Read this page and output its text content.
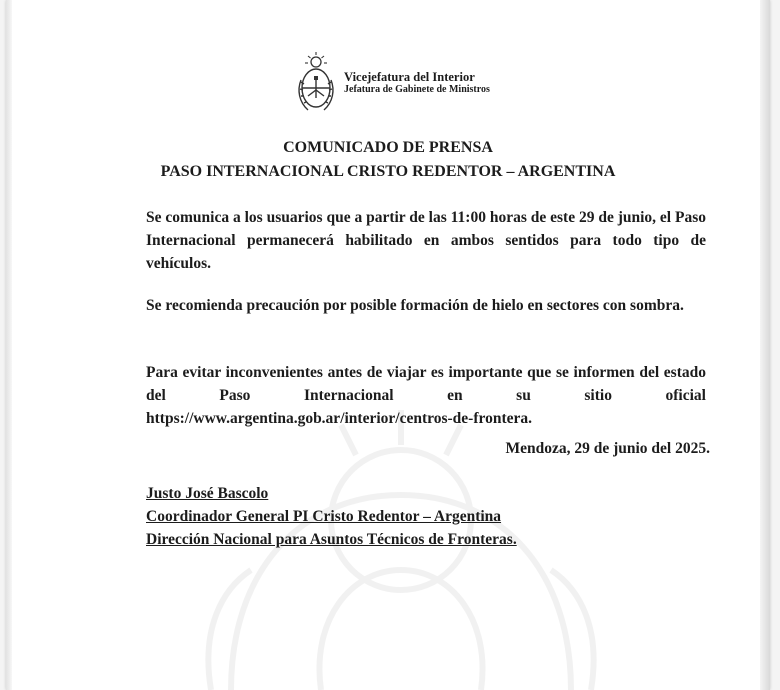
Vicejefatura del Interior
Jefatura de Gabinete de Ministros
COMUNICADO DE PRENSA
PASO INTERNACIONAL CRISTO REDENTOR – ARGENTINA
Se comunica a los usuarios que a partir de las 11:00 horas de este 29 de junio, el Paso Internacional permanecerá habilitado en ambos sentidos para todo tipo de vehículos.
Se recomienda precaución por posible formación de hielo en sectores con sombra.
Para evitar inconvenientes antes de viajar es importante que se informen del estado del Paso Internacional en su sitio oficial https://www.argentina.gob.ar/interior/centros-de-frontera.
Mendoza, 29 de junio del 2025.
Justo José Bascolo
Coordinador General PI Cristo Redentor – Argentina
Dirección Nacional para Asuntos Técnicos de Fronteras.
